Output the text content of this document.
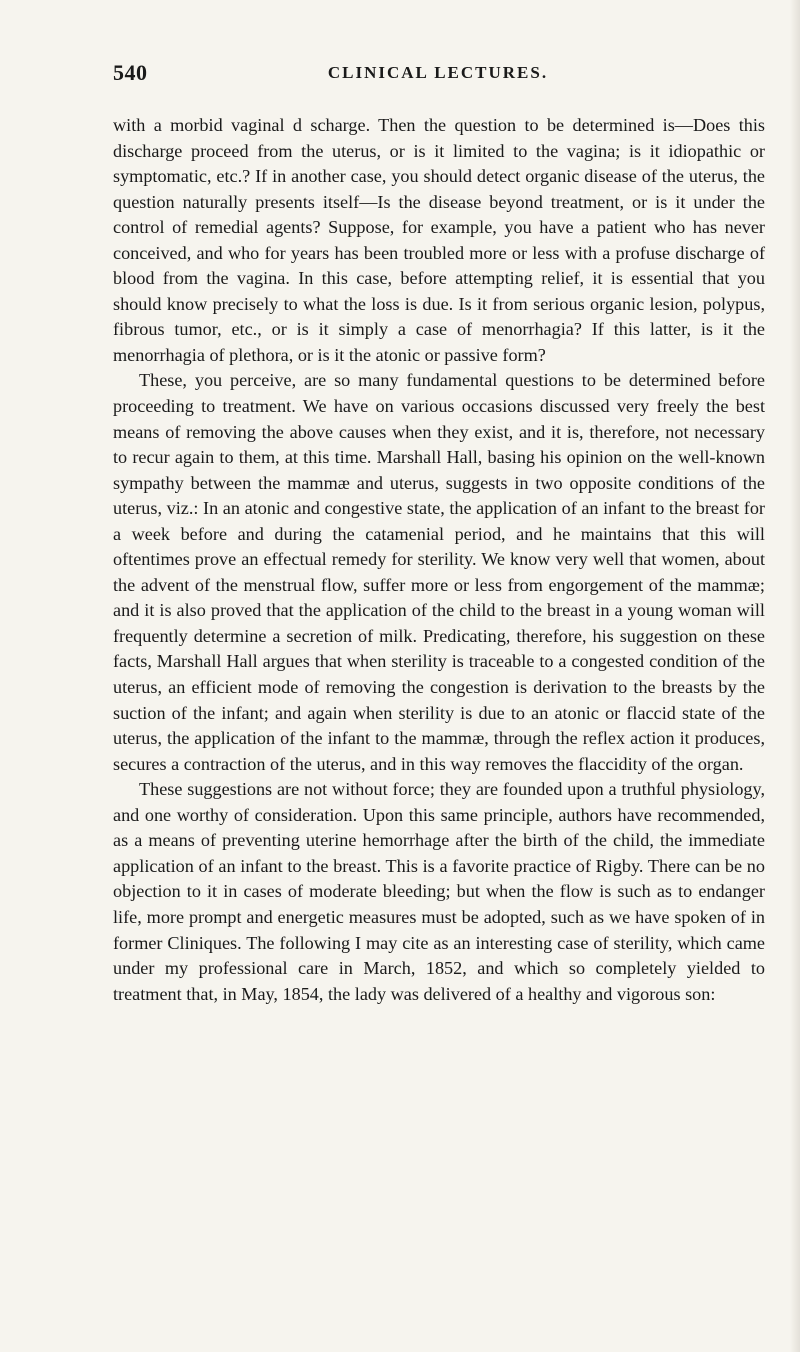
540	CLINICAL LECTURES.

with a morbid vaginal d scharge. Then the question to be determined is—Does this discharge proceed from the uterus, or is it limited to the vagina; is it idiopathic or symptomatic, etc.? If in another case, you should detect organic disease of the uterus, the question naturally presents itself—Is the disease beyond treatment, or is it under the control of remedial agents? Suppose, for example, you have a patient who has never conceived, and who for years has been troubled more or less with a profuse discharge of blood from the vagina. In this case, before attempting relief, it is essential that you should know precisely to what the loss is due. Is it from serious organic lesion, polypus, fibrous tumor, etc., or is it simply a case of menorrhagia? If this latter, is it the menorrhagia of plethora, or is it the atonic or passive form?

These, you perceive, are so many fundamental questions to be determined before proceeding to treatment. We have on various occasions discussed very freely the best means of removing the above causes when they exist, and it is, therefore, not necessary to recur again to them, at this time. Marshall Hall, basing his opinion on the well-known sympathy between the mammæ and uterus, suggests in two opposite conditions of the uterus, viz.: In an atonic and congestive state, the application of an infant to the breast for a week before and during the catamenial period, and he maintains that this will oftentimes prove an effectual remedy for sterility. We know very well that women, about the advent of the menstrual flow, suffer more or less from engorgement of the mammæ; and it is also proved that the application of the child to the breast in a young woman will frequently determine a secretion of milk. Predicating, therefore, his suggestion on these facts, Marshall Hall argues that when sterility is traceable to a congested condition of the uterus, an efficient mode of removing the congestion is derivation to the breasts by the suction of the infant; and again when sterility is due to an atonic or flaccid state of the uterus, the application of the infant to the mammæ, through the reflex action it produces, secures a contraction of the uterus, and in this way removes the flaccidity of the organ.

These suggestions are not without force; they are founded upon a truthful physiology, and one worthy of consideration. Upon this same principle, authors have recommended, as a means of preventing uterine hemorrhage after the birth of the child, the immediate application of an infant to the breast. This is a favorite practice of Rigby. There can be no objection to it in cases of moderate bleeding; but when the flow is such as to endanger life, more prompt and energetic measures must be adopted, such as we have spoken of in former Cliniques. The following I may cite as an interesting case of sterility, which came under my professional care in March, 1852, and which so completely yielded to treatment that, in May, 1854, the lady was delivered of a healthy and vigorous son:
